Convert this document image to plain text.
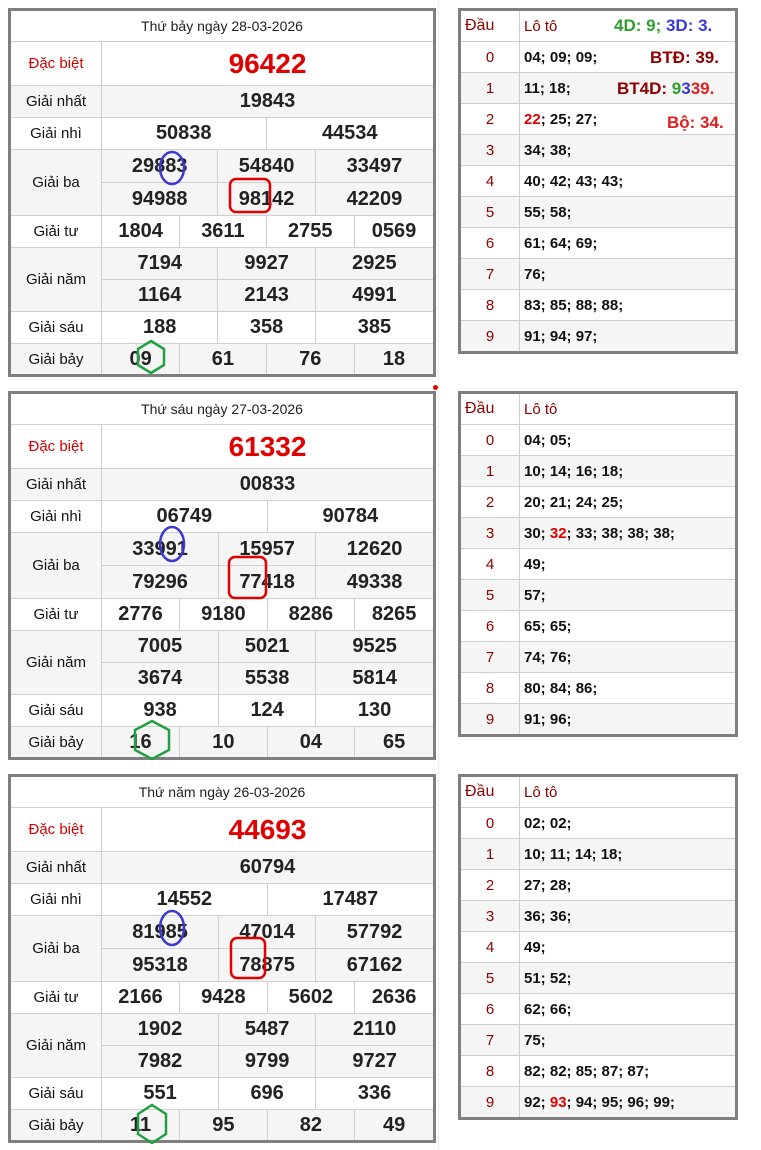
Thứ bảy ngày 28-03-2026						
Đặc biệt	96422					
Giải nhất	19843					
Giải nhì	50838			44534		
Giải ba	29883		54840		33497	
	94988		98142		42209	
Giải tư	1804	3611		2755		0569
Giải năm	7194		9927		2925	
	1164		2143		4991	
Giải sáu	188		358		385	
Giải bảy	09	61		76		18
Thứ sáu ngày 27-03-2026						
Đặc biệt	61332					
Giải nhất	00833					
Giải nhì	06749			90784		
Giải ba	33991		15957		12620	
	79296		77418		49338	
Giải tư	2776	9180		8286		8265
Giải năm	7005		5021		9525	
	3674		5538		5814	
Giải sáu	938		124		130	
Giải bảy	16	10		04		65
Thứ năm ngày 26-03-2026						
Đặc biệt	44693					
Giải nhất	60794					
Giải nhì	14552			17487		
Giải ba	81985		47014		57792	
	95318		78875		67162	
Giải tư	2166	9428		5602		2636
Giải năm	1902		5487		2110	
	7982		9799		9727	
Giải sáu	551		696		336	
Giải bảy	11	95		82		49
Đầu	Lô tô
0	04; 09; 09;
1	11; 18;
2	22; 25; 27;
3	34; 38;
4	40; 42; 43; 43;
5	55; 58;
6	61; 64; 69;
7	76;
8	83; 85; 88; 88;
9	91; 94; 97;
Đầu	Lô tô
0	04; 05;
1	10; 14; 16; 18;
2	20; 21; 24; 25;
3	30; 32; 33; 38; 38; 38;
4	49;
5	57;
6	65; 65;
7	74; 76;
8	80; 84; 86;
9	91; 96;
Đầu	Lô tô
0	02; 02;
1	10; 11; 14; 18;
2	27; 28;
3	36; 36;
4	49;
5	51; 52;
6	62; 66;
7	75;
8	82; 82; 85; 87; 87;
9	92; 93; 94; 95; 96; 99;
4D: 9; 3D: 3.
BTĐ: 39.
BT4D: 9339.
Bộ: 34.
